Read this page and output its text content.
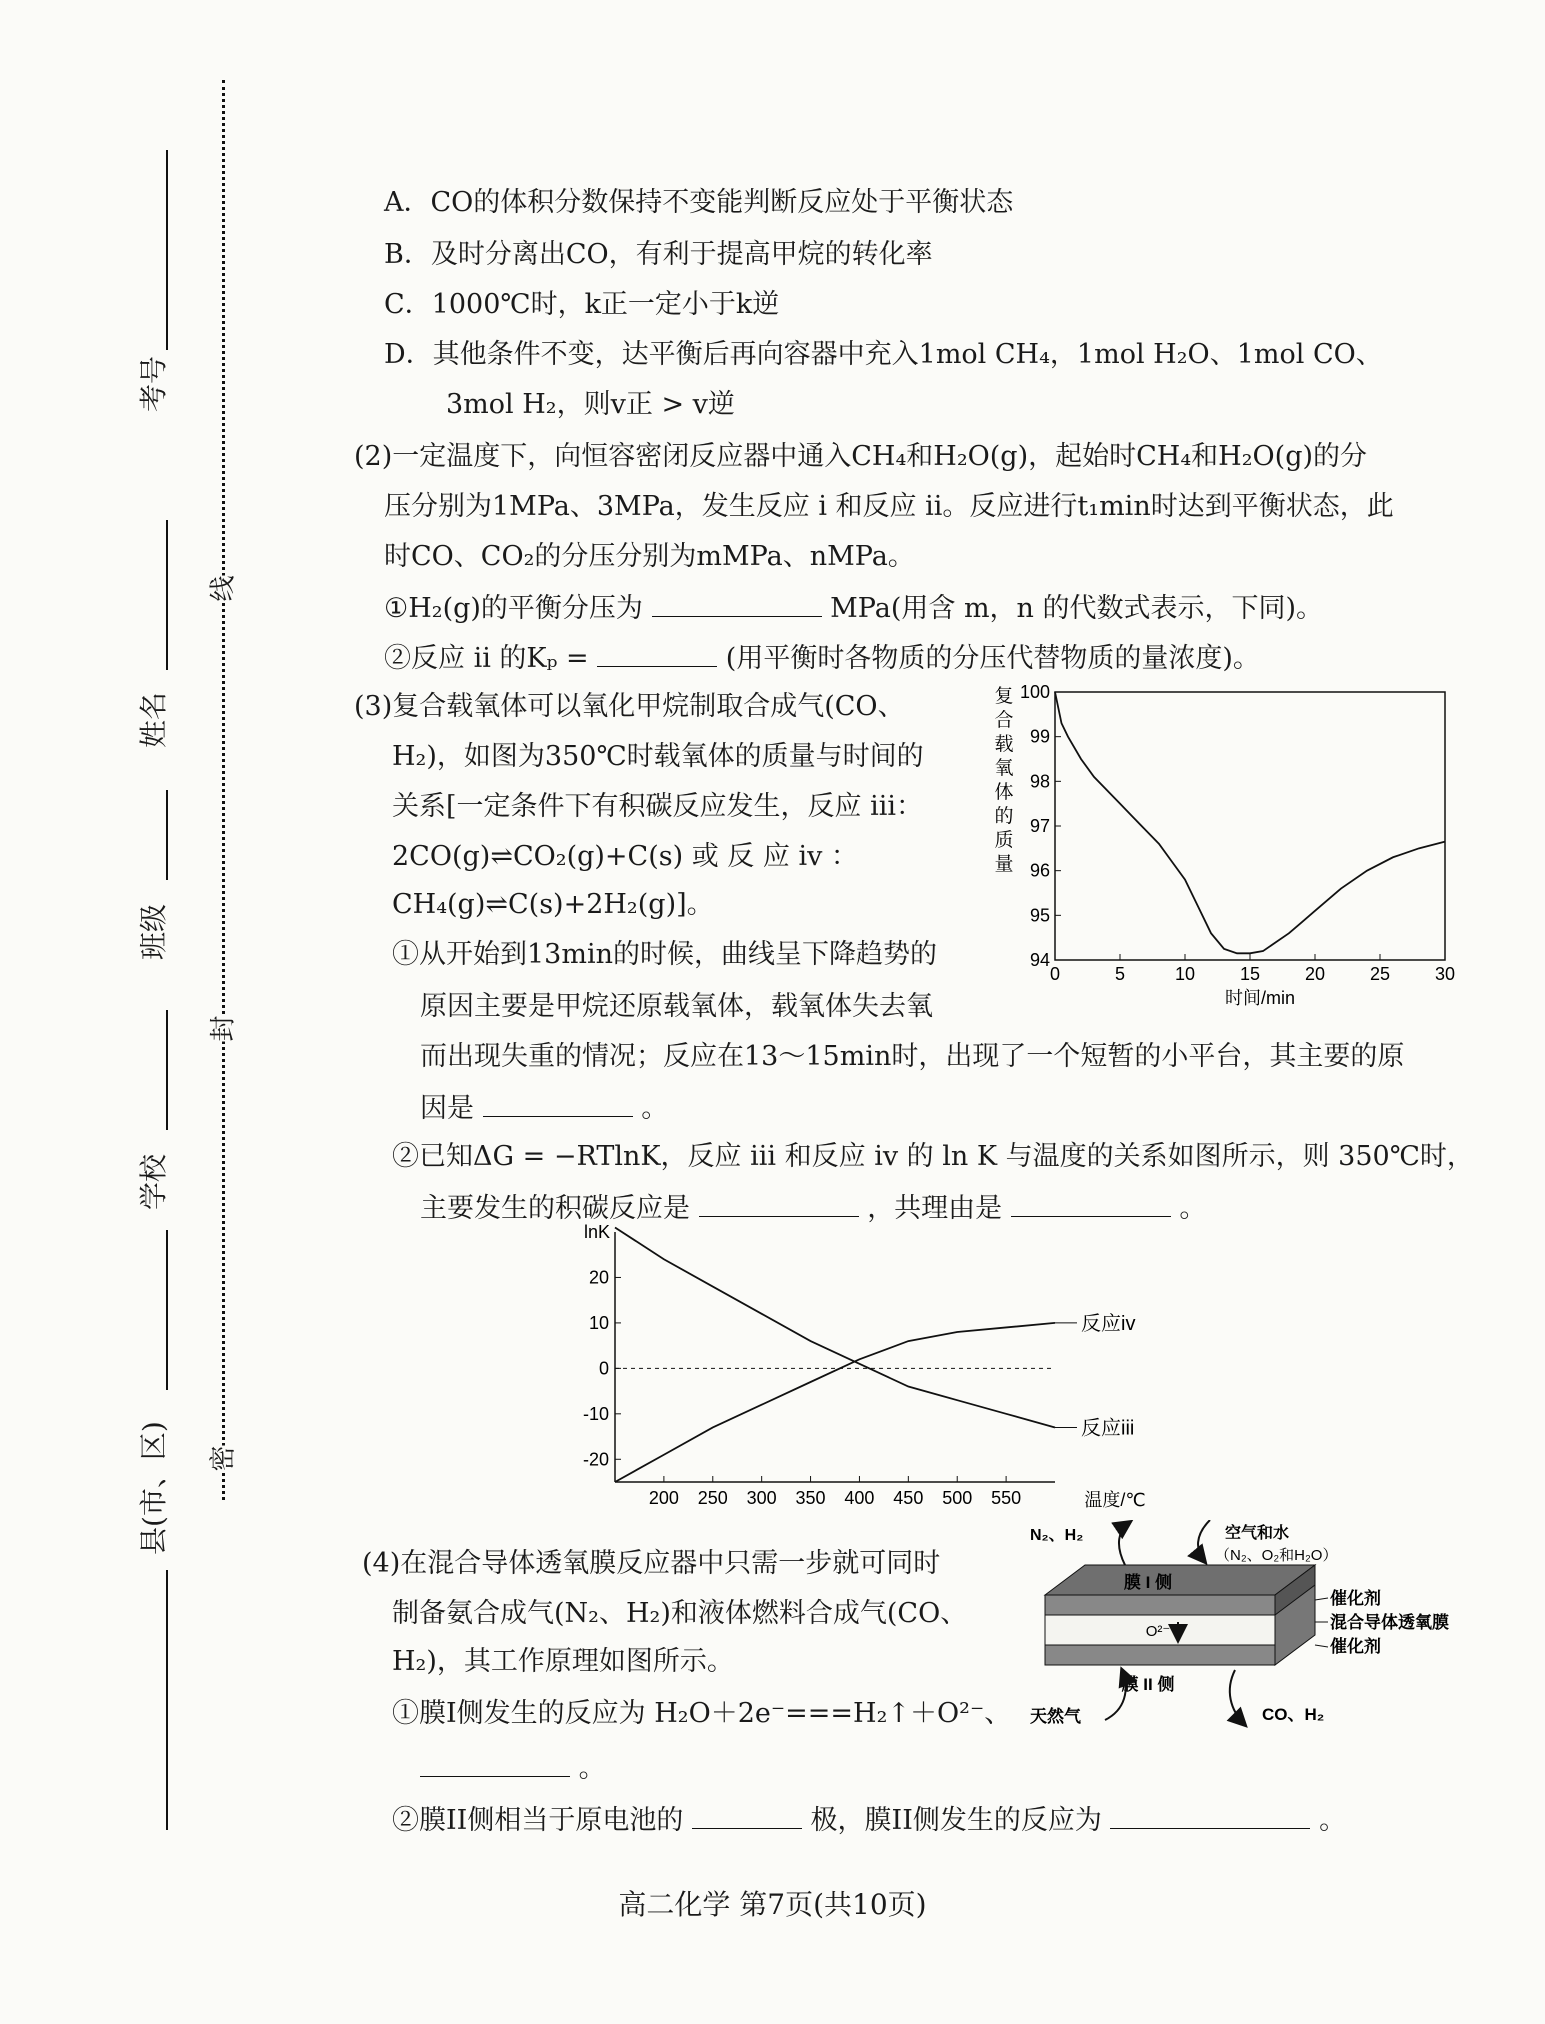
线
封
密
考号
姓名
班级
学校
县(市、区)
A．CO的体积分数保持不变能判断反应处于平衡状态
B．及时分离出CO，有利于提高甲烷的转化率
C．1000℃时，k正一定小于k逆
D．其他条件不变，达平衡后再向容器中充入1mol CH₄，1mol H₂O、1mol CO、
3mol H₂，则v正 > v逆
(2)一定温度下，向恒容密闭反应器中通入CH₄和H₂O(g)，起始时CH₄和H₂O(g)的分
压分别为1MPa、3MPa，发生反应 i 和反应 ii。反应进行t₁min时达到平衡状态，此
时CO、CO₂的分压分别为mMPa、nMPa。
①H₂(g)的平衡分压为	MPa(用含 m，n 的代数式表示，下同)。
②反应 ii 的Kₚ =	(用平衡时各物质的分压代替物质的量浓度)。
(3)复合载氧体可以氧化甲烷制取合成气(CO、
H₂)，如图为350℃时载氧体的质量与时间的
关系[一定条件下有积碳反应发生，反应 iii：
2CO(g)⇌CO₂(g)+C(s) 或 反 应 iv ：
CH₄(g)⇌C(s)+2H₂(g)]。
①从开始到13min的时候，曲线呈下降趋势的
原因主要是甲烷还原载氧体，载氧体失去氧
而出现失重的情况；反应在13～15min时，出现了一个短暂的小平台，其主要的原
因是	。
②已知ΔG = −RTlnK，反应 iii 和反应 iv 的 ln K 与温度的关系如图所示，则 350℃时，
主要发生的积碳反应是	，共理由是	。
0	5	10 15 20 25 30
94
95
96
97
98
99
100
时间/min
复
合
载
氧
体
的
质
量
200 250 300 350 400 450 500 550
-20
-10
0
10
20
反应iii
反应iv
lnK
温度/℃
(4)在混合导体透氧膜反应器中只需一步就可同时
制备氨合成气(N₂、H₂)和液体燃料合成气(CO、
H₂)，其工作原理如图所示。
①膜I侧发生的反应为 H₂O＋2e⁻===H₂↑＋O²⁻、
。
②膜II侧相当于原电池的	极，膜II侧发生的反应为	。
膜 I 侧
膜 II 侧
O²⁻
N₂、H₂	空气和水
（N₂、O₂和H₂O）
催化剂
混合导体透氧膜
催化剂
天然气	CO、H₂
高二化学 第7页(共10页)
